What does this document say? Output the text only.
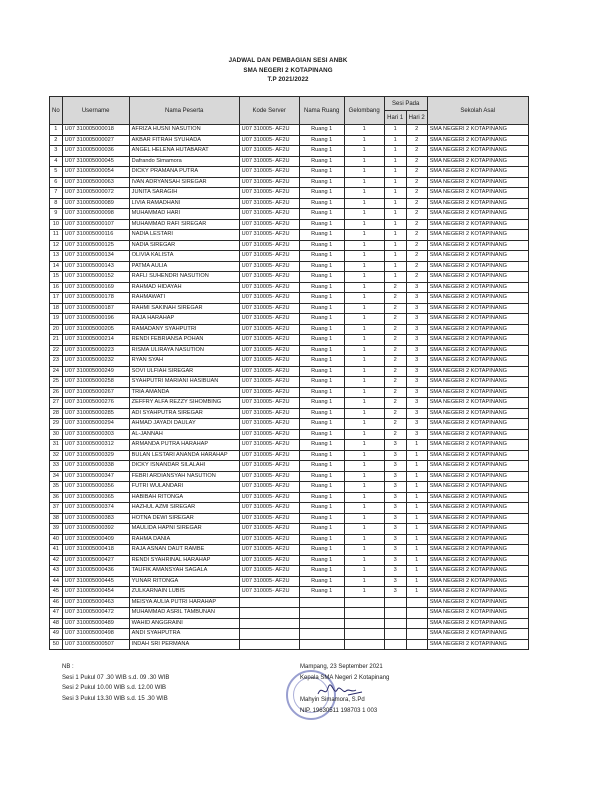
JADWAL DAN PEMBAGIAN SESI ANBK
SMA NEGERI 2 KOTAPINANG
T.P 2021/2022
No	Username	Nama Peserta	Kode Server	Nama Ruang	Gelombang	Sesi Pada		Sekolah Asal
						Hari 1	Hari 2	
1	U07 310005000018	AFRIZA HUSNI NASUTION	U07 310005- AF2U	Ruang 1	1	1	2	SMA NEGERI 2 KOTAPINANG
2	U07 310005000027	AKBAR FITRAH SYUHADA	U07 310005- AF2U	Ruang 1	1	1	2	SMA NEGERI 2 KOTAPINANG
3	U07 310005000036	ANGEL HELENA HUTABARAT	U07 310005- AF2U	Ruang 1	1	1	2	SMA NEGERI 2 KOTAPINANG
4	U07 310005000045	Dafrando Simamora	U07 310005- AF2U	Ruang 1	1	1	2	SMA NEGERI 2 KOTAPINANG
5	U07 310005000054	DICKY PRAMANA PUTRA	U07 310005- AF2U	Ruang 1	1	1	2	SMA NEGERI 2 KOTAPINANG
6	U07 310005000063	IVAN ADRYANSAH SIREGAR	U07 310005- AF2U	Ruang 1	1	1	2	SMA NEGERI 2 KOTAPINANG
7	U07 310005000072	JUNITA SARAGIH	U07 310005- AF2U	Ruang 1	1	1	2	SMA NEGERI 2 KOTAPINANG
8	U07 310005000089	LIVIA RAMADHANI	U07 310005- AF2U	Ruang 1	1	1	2	SMA NEGERI 2 KOTAPINANG
9	U07 310005000098	MUHAMMAD HARI	U07 310005- AF2U	Ruang 1	1	1	2	SMA NEGERI 2 KOTAPINANG
10	U07 310005000107	MUHAMMAD RAFI SIREGAR	U07 310005- AF2U	Ruang 1	1	1	2	SMA NEGERI 2 KOTAPINANG
11	U07 310005000116	NADIA LESTARI	U07 310005- AF2U	Ruang 1	1	1	2	SMA NEGERI 2 KOTAPINANG
12	U07 310005000125	NADIA SIREGAR	U07 310005- AF2U	Ruang 1	1	1	2	SMA NEGERI 2 KOTAPINANG
13	U07 310005000134	OLIVIA KALISTA	U07 310005- AF2U	Ruang 1	1	1	2	SMA NEGERI 2 KOTAPINANG
14	U07 310005000143	PATMA AULIA	U07 310005- AF2U	Ruang 1	1	1	2	SMA NEGERI 2 KOTAPINANG
15	U07 310005000152	RAFLI SUHENDRI NASUTION	U07 310005- AF2U	Ruang 1	1	1	2	SMA NEGERI 2 KOTAPINANG
16	U07 310005000169	RAHMAD HIDAYAH	U07 310005- AF2U	Ruang 1	1	2	3	SMA NEGERI 2 KOTAPINANG
17	U07 310005000178	RAHMAWATI	U07 310005- AF2U	Ruang 1	1	2	3	SMA NEGERI 2 KOTAPINANG
18	U07 310005000187	RAHMI SAKINAH SIREGAR	U07 310005- AF2U	Ruang 1	1	2	3	SMA NEGERI 2 KOTAPINANG
19	U07 310005000196	RAJA HARAHAP	U07 310005- AF2U	Ruang 1	1	2	3	SMA NEGERI 2 KOTAPINANG
20	U07 310005000205	RAMADANY SYAHPUTRI	U07 310005- AF2U	Ruang 1	1	2	3	SMA NEGERI 2 KOTAPINANG
21	U07 310005000214	RENDI FEBRIANSA POHAN	U07 310005- AF2U	Ruang 1	1	2	3	SMA NEGERI 2 KOTAPINANG
22	U07 310005000223	RISMA ULIRAYA NASUTION	U07 310005- AF2U	Ruang 1	1	2	3	SMA NEGERI 2 KOTAPINANG
23	U07 310005000232	RYAN SYAH	U07 310005- AF2U	Ruang 1	1	2	3	SMA NEGERI 2 KOTAPINANG
24	U07 310005000249	SOVI ULFIAH SIREGAR	U07 310005- AF2U	Ruang 1	1	2	3	SMA NEGERI 2 KOTAPINANG
25	U07 310005000258	SYAHPUTRI MARIANI HASIBUAN	U07 310005- AF2U	Ruang 1	1	2	3	SMA NEGERI 2 KOTAPINANG
26	U07 310005000267	TRIA AMANDA	U07 310005- AF2U	Ruang 1	1	2	3	SMA NEGERI 2 KOTAPINANG
27	U07 310005000276	ZEFFRY ALFA REZZY SIHOMBING	U07 310005- AF2U	Ruang 1	1	2	3	SMA NEGERI 2 KOTAPINANG
28	U07 310005000285	ADI SYAHPUTRA SIREGAR	U07 310005- AF2U	Ruang 1	1	2	3	SMA NEGERI 2 KOTAPINANG
29	U07 310005000294	AHMAD JAYADI DAULAY	U07 310005- AF2U	Ruang 1	1	2	3	SMA NEGERI 2 KOTAPINANG
30	U07 310005000303	AL-JANNAH	U07 310005- AF2U	Ruang 1	1	2	3	SMA NEGERI 2 KOTAPINANG
31	U07 310005000312	ARMANDA PUTRA HARAHAP	U07 310005- AF2U	Ruang 1	1	3	1	SMA NEGERI 2 KOTAPINANG
32	U07 310005000329	BULAN LESTARI ANANDA HARAHAP	U07 310005- AF2U	Ruang 1	1	3	1	SMA NEGERI 2 KOTAPINANG
33	U07 310005000338	DICKY ISNANDAR SILALAHI	U07 310005- AF2U	Ruang 1	1	3	1	SMA NEGERI 2 KOTAPINANG
34	U07 310005000347	FEBRI ARDIANSYAH NASUTION	U07 310005- AF2U	Ruang 1	1	3	1	SMA NEGERI 2 KOTAPINANG
35	U07 310005000356	FUTRI WULANDARI	U07 310005- AF2U	Ruang 1	1	3	1	SMA NEGERI 2 KOTAPINANG
36	U07 310005000365	HABIBAH RITONGA	U07 310005- AF2U	Ruang 1	1	3	1	SMA NEGERI 2 KOTAPINANG
37	U07 310005000374	HAZHUL AZMI SIREGAR	U07 310005- AF2U	Ruang 1	1	3	1	SMA NEGERI 2 KOTAPINANG
38	U07 310005000383	HOTNA DEWI SIREGAR	U07 310005- AF2U	Ruang 1	1	3	1	SMA NEGERI 2 KOTAPINANG
39	U07 310005000392	MAULIDA HAPNI SIREGAR	U07 310005- AF2U	Ruang 1	1	3	1	SMA NEGERI 2 KOTAPINANG
40	U07 310005000409	RAHMA DANIA	U07 310005- AF2U	Ruang 1	1	3	1	SMA NEGERI 2 KOTAPINANG
41	U07 310005000418	RAJA ASNAN DAUT RAMBE	U07 310005- AF2U	Ruang 1	1	3	1	SMA NEGERI 2 KOTAPINANG
42	U07 310005000427	RENDI SYAHRINAL HARAHAP	U07 310005- AF2U	Ruang 1	1	3	1	SMA NEGERI 2 KOTAPINANG
43	U07 310005000436	TAUFIK AMANSYAH SAGALA	U07 310005- AF2U	Ruang 1	1	3	1	SMA NEGERI 2 KOTAPINANG
44	U07 310005000445	YUNAR RITONGA	U07 310005- AF2U	Ruang 1	1	3	1	SMA NEGERI 2 KOTAPINANG
45	U07 310005000454	ZULKARNAIN LUBIS	U07 310005- AF2U	Ruang 1	1	3	1	SMA NEGERI 2 KOTAPINANG
46	U07 310005000463	MEISYA AULIA PUTRI HARAHAP						SMA NEGERI 2 KOTAPINANG
47	U07 310005000472	MUHAMMAD ASRIL TAMBUNAN						SMA NEGERI 2 KOTAPINANG
48	U07 310005000489	WAHID ANGGRAINI						SMA NEGERI 2 KOTAPINANG
49	U07 310005000498	ANDI SYAHPUTRA						SMA NEGERI 2 KOTAPINANG
50	U07 310005000507	INDAH SRI PERMANA						SMA NEGERI 2 KOTAPINANG
NB :
Sesi 1 Pukul 07 .30 WIB s.d. 09 .30 WIB
Sesi 2 Pukul 10.00 WIB s.d. 12.00 WIB
Sesi 3 Pukul 13.30 WIB s.d. 15 .30 WIB
Mampang, 23 September 2021
Kepala SMA Negeri 2 Kotapinang
Mahyin Simamora, S.Pd
NIP. 19630511 198703 1 003
